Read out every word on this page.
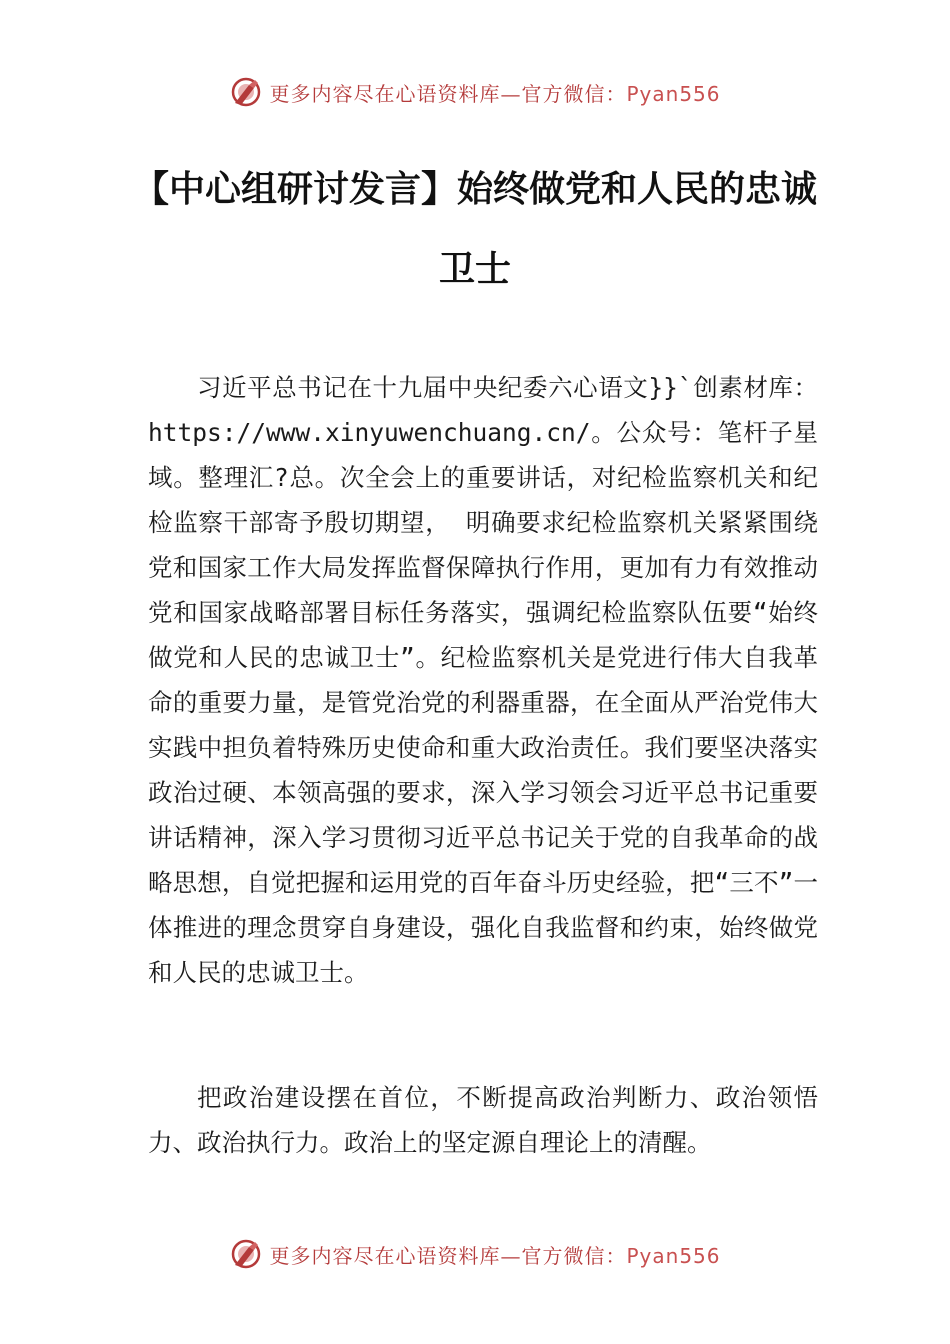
更多内容尽在心语资料库—官方微信：Pyan556
【中心组研讨发言】始终做党和人民的忠诚卫士

习近平总书记在十九届中央纪委六心语文}}`创素材库：https://www.xinyuwenchuang.cn/。公众号：笔杆子星域。整理汇?总。次全会上的重要讲话，对纪检监察机关和纪检监察干部寄予殷切期望， 明确要求纪检监察机关紧紧围绕党和国家工作大局发挥监督保障执行作用，更加有力有效推动党和国家战略部署目标任务落实，强调纪检监察队伍要“始终做党和人民的忠诚卫士”。纪检监察机关是党进行伟大自我革命的重要力量，是管党治党的利器重器，在全面从严治党伟大实践中担负着特殊历史使命和重大政治责任。我们要坚决落实政治过硬、本领高强的要求，深入学习领会习近平总书记重要讲话精神，深入学习贯彻习近平总书记关于党的自我革命的战略思想，自觉把握和运用党的百年奋斗历史经验，把“三不”一体推进的理念贯穿自身建设，强化自我监督和约束，始终做党和人民的忠诚卫士。

把政治建设摆在首位，不断提高政治判断力、政治领悟力、政治执行力。政治上的坚定源自理论上的清醒。

更多内容尽在心语资料库—官方微信：Pyan556
